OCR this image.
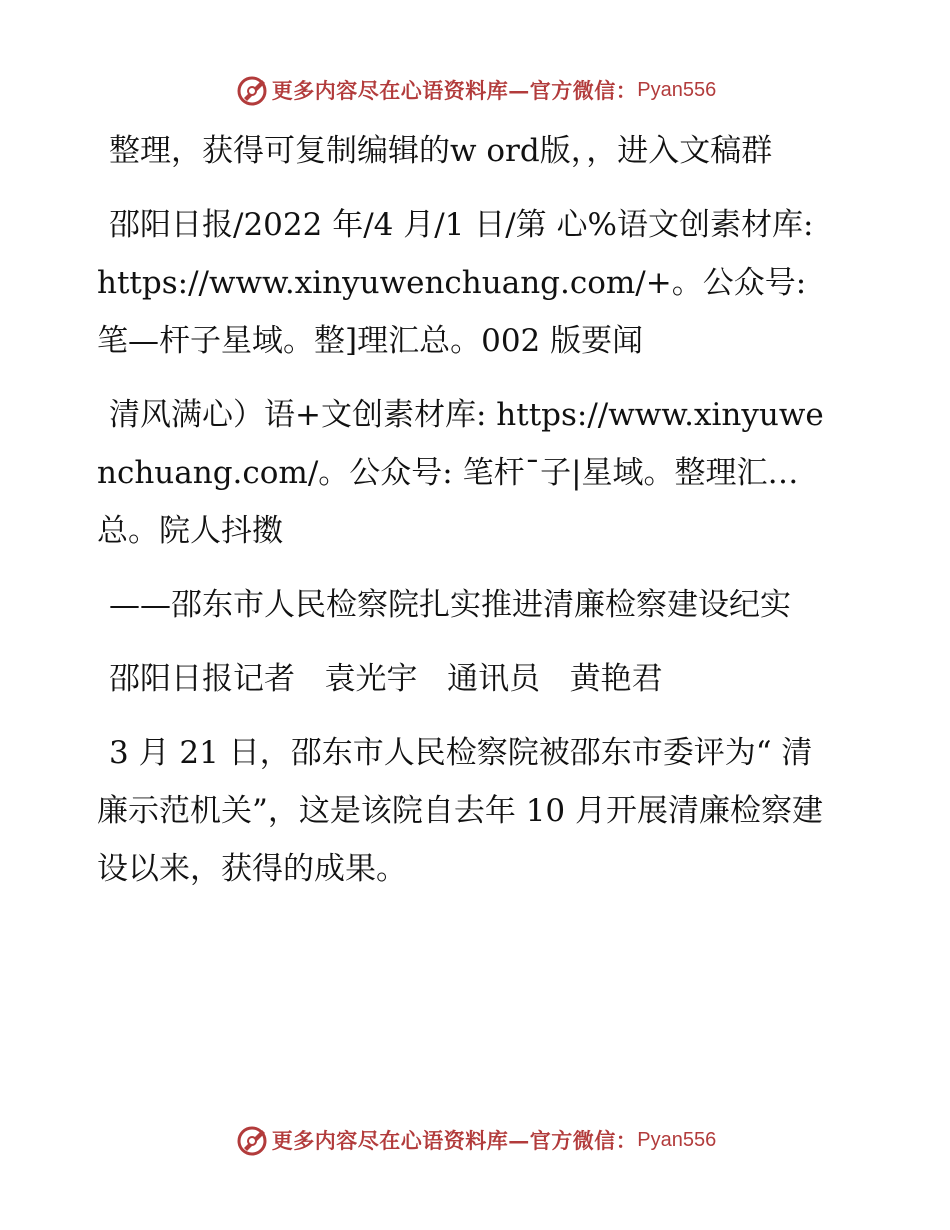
更多内容尽在心语资料库—官方微信： Pyan556

整理，获得可复制编辑的w ord版，，进入文稿群

邵阳日报/2022 年/4 月/1 日/第 心%语文创素材库: https://www.xinyuwenchuang.com/+。公众号: 笔—杆子星域。整]理汇总。002 版要闻

清风满心）语+文创素材库: https://www.xinyuwenchuang.com/。公众号: 笔杆¯子|星域。整理汇…总。院人抖擞

——邵东市人民检察院扎实推进清廉检察建设纪实

邵阳日报记者   袁光宇   通讯员   黄艳君

3 月 21 日，邵东市人民检察院被邵东市委评为“ 清廉示范机关”，这是该院自去年 10 月开展清廉检察建设以来，获得的成果。

更多内容尽在心语资料库—官方微信： Pyan556
